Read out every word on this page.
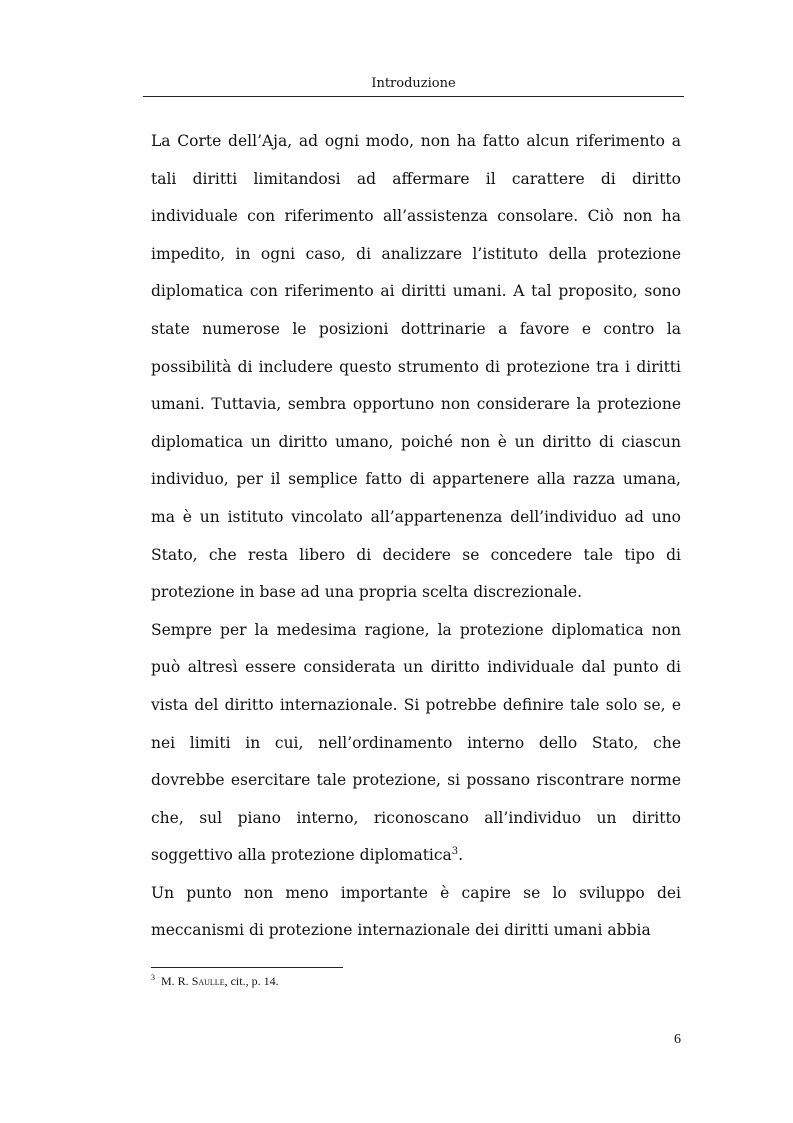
Introduzione

La Corte dell’Aja, ad ogni modo, non ha fatto alcun riferimento a tali diritti limitandosi ad affermare il carattere di diritto individuale con riferimento all’assistenza consolare. Ciò non ha impedito, in ogni caso, di analizzare l’istituto della protezione diplomatica con riferimento ai diritti umani. A tal proposito, sono state numerose le posizioni dottrinarie a favore e contro la possibilità di includere questo strumento di protezione tra i diritti umani. Tuttavia, sembra opportuno non considerare la protezione diplomatica un diritto umano, poiché non è un diritto di ciascun individuo, per il semplice fatto di appartenere alla razza umana, ma è un istituto vincolato all’appartenenza dell’individuo ad uno Stato, che resta libero di decidere se concedere tale tipo di protezione in base ad una propria scelta discrezionale.

Sempre per la medesima ragione, la protezione diplomatica non può altresì essere considerata un diritto individuale dal punto di vista del diritto internazionale. Si potrebbe definire tale solo se, e nei limiti in cui, nell’ordinamento interno dello Stato, che dovrebbe esercitare tale protezione, si possano riscontrare norme che, sul piano interno, riconoscano all’individuo un diritto soggettivo alla protezione diplomatica$^3$.

Un punto non meno importante è capire se lo sviluppo dei meccanismi di protezione internazionale dei diritti umani abbia

$^3$ M. R. Saulle, cit., p. 14.
6
